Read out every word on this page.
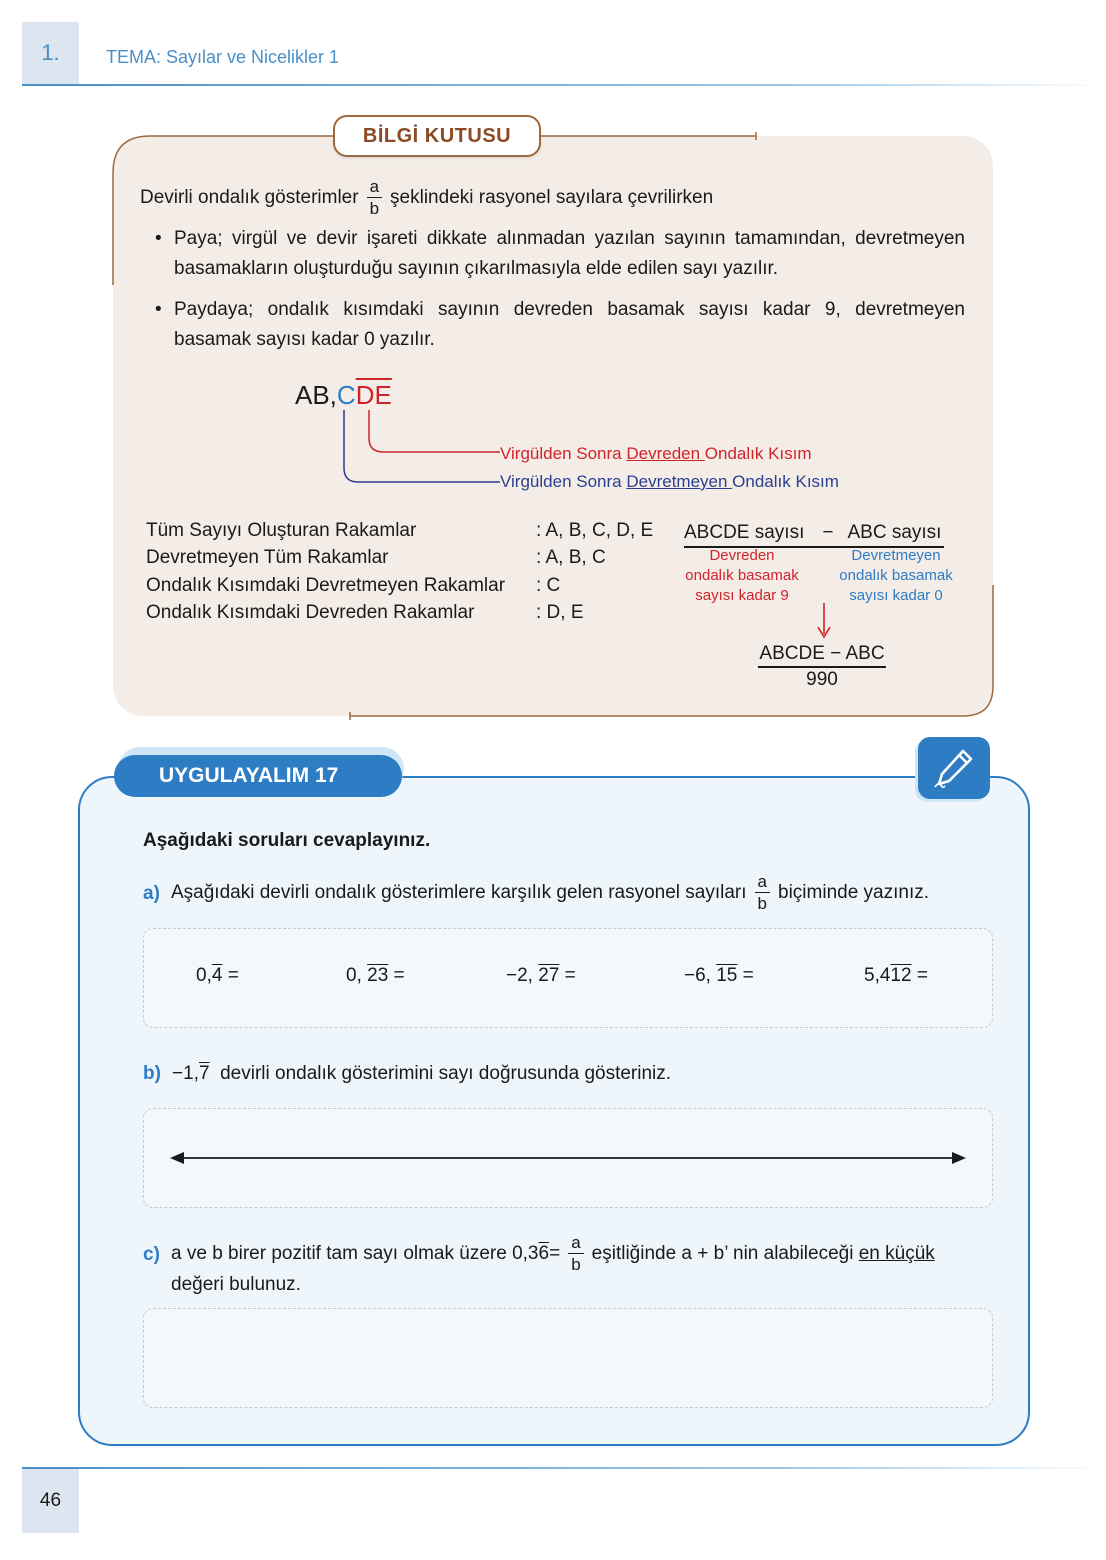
1.	TEMA: Sayılar ve Nicelikler 1
BİLGİ KUTUSU
Devirli ondalık gösterimler $\frac{a}{b}$ şeklindeki rasyonel sayılara çevrilirken
• Paya; virgül ve devir işareti dikkate alınmadan yazılan sayının tamamından, devretmeyen basamakların oluşturduğu sayının çıkarılmasıyla elde edilen sayı yazılır.
• Paydaya; ondalık kısımdaki sayının devreden basamak sayısı kadar 9, devretmeyen basamak sayısı kadar 0 yazılır.
$AB,C\overline{DE}$
Virgülden Sonra Devreden Ondalık Kısım
Virgülden Sonra Devretmeyen Ondalık Kısım
Tüm Sayıyı Oluşturan Rakamlar	: A, B, C, D, E
Devretmeyen Tüm Rakamlar	: A, B, C
Ondalık Kısımdaki Devretmeyen Rakamlar : C
Ondalık Kısımdaki Devreden Rakamlar	: D, E
ABCDE sayısı − ABC sayısı
Devreden
ondalık basamak
sayısı kadar 9
Devretmeyen
ondalık basamak
sayısı kadar 0
ABCDE − ABC
990
UYGULAYALIM 17
Aşağıdaki soruları cevaplayınız.
a) Aşağıdaki devirli ondalık gösterimlere karşılık gelen rasyonel sayıları $\frac{a}{b}$ biçiminde yazınız.
0,4 =	0, 23 =	−2, 27 =	−6, 15 =	5,412 =
b) −1, 7
devirli ondalık gösterimini sayı doğrusunda gösteriniz.
c) a ve b birer pozitif tam sayı olmak üzere 0,3 $6 = \frac{a}{b}$ eşitliğinde a + b’ nin alabileceği
en küçük
değeri bulunuz.
46
